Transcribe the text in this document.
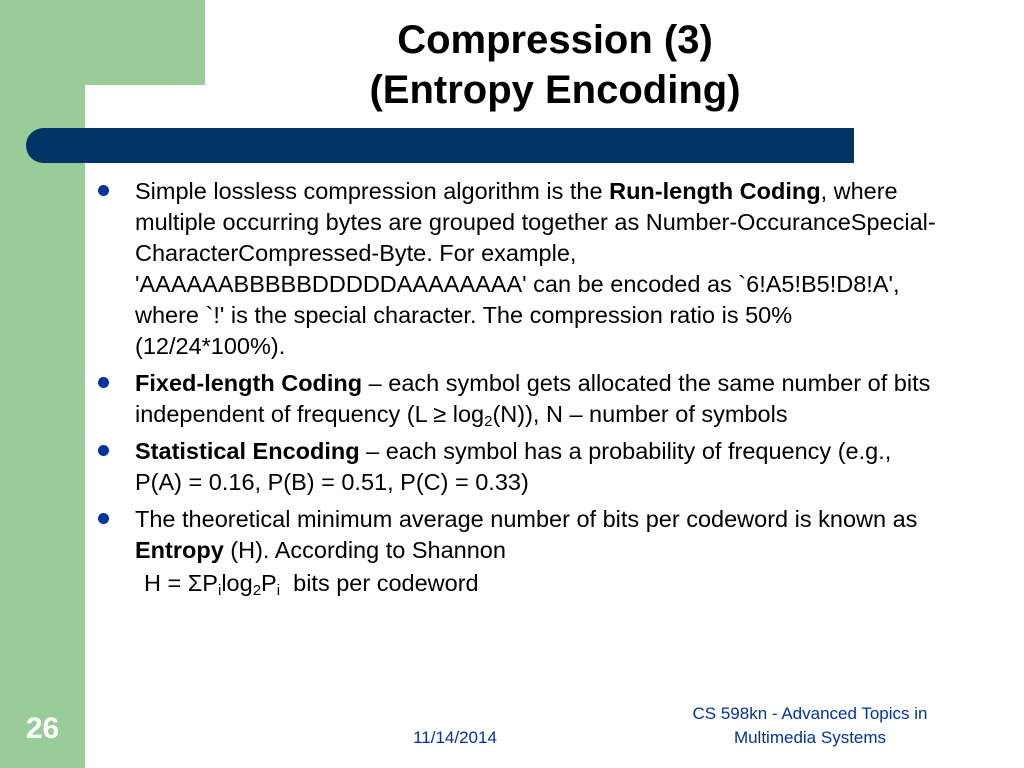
Compression (3)
(Entropy Encoding)
Simple lossless compression algorithm is the Run-length Coding, where multiple occurring bytes are grouped together as Number-OccuranceSpecial-CharacterCompressed-Byte. For example, 'AAAAAABBBBBDDDDDAAAAAAAA' can be encoded as `6!A5!B5!D8!A', where `!' is the special character. The compression ratio is 50% (12/24*100%).
Fixed-length Coding – each symbol gets allocated the same number of bits independent of frequency $(L \ge \log_2(N))$, N – number of symbols
Statistical Encoding – each symbol has a probability of frequency (e.g., P(A) = 0.16, P(B) = 0.51, P(C) = 0.33)
The theoretical minimum average number of bits per codeword is known as Entropy (H). According to Shannon
$H = \Sigma P_i\log_2P_i$  bits per codeword
26	11/14/2014
CS 598kn - Advanced Topics in
Multimedia Systems
